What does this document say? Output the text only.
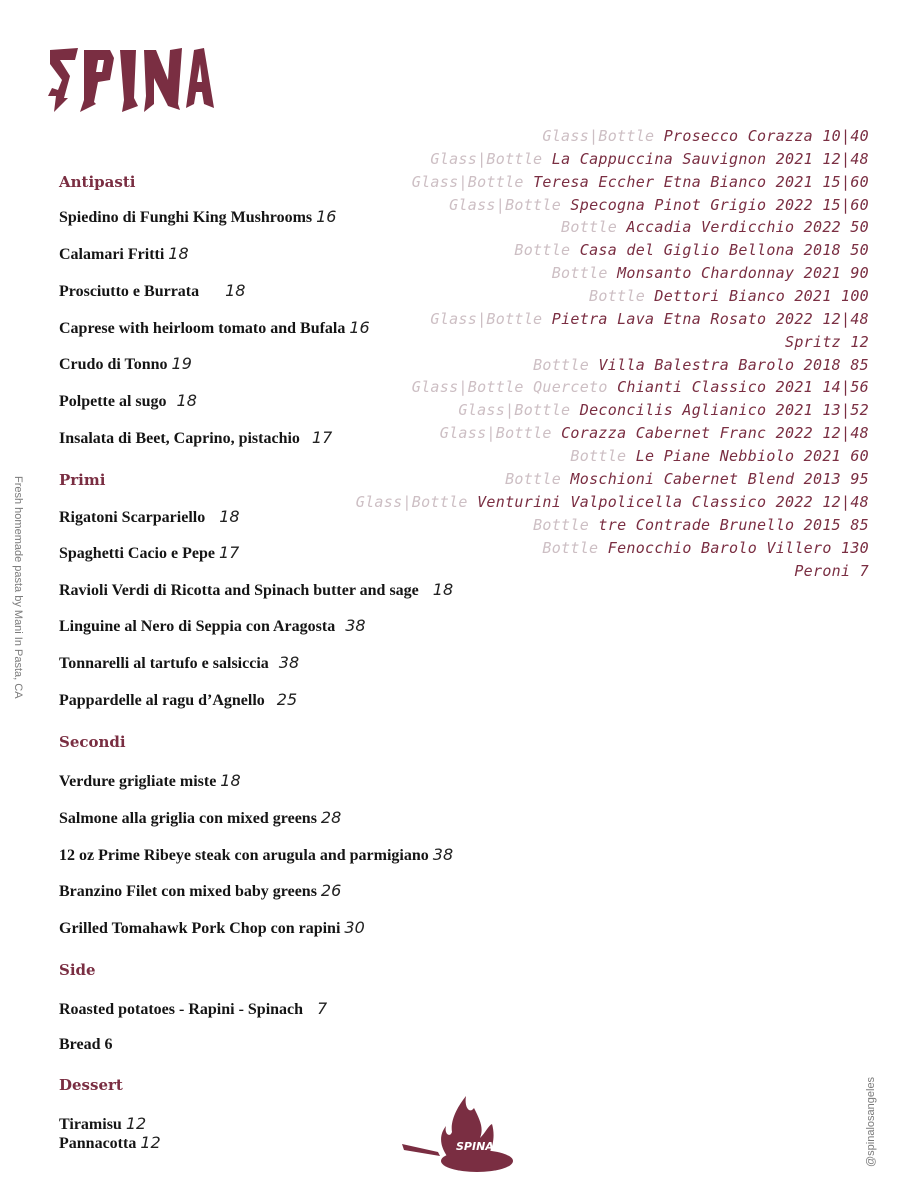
Glass|Bottle Prosecco Corazza 10|40
Glass|Bottle La Cappuccina Sauvignon 2021 12|48
Glass|Bottle Teresa Eccher Etna Bianco 2021 15|60
Glass|Bottle Specogna Pinot Grigio 2022 15|60
Bottle Accadia Verdicchio 2022 50
Bottle Casa del Giglio Bellona 2018 50
Bottle Monsanto Chardonnay 2021 90
Bottle Dettori Bianco 2021 100
Glass|Bottle Pietra Lava Etna Rosato 2022 12|48
Spritz 12
Bottle Villa Balestra Barolo 2018 85
Glass|Bottle Querceto Chianti Classico 2021 14|56
Glass|Bottle Deconcilis Aglianico 2021 13|52
Glass|Bottle Corazza Cabernet Franc 2022 12|48
Bottle Le Piane Nebbiolo 2021 60
Bottle Moschioni Cabernet Blend 2013 95
Glass|Bottle Venturini Valpolicella Classico 2022 12|48
Bottle tre Contrade Brunello 2015 85
Bottle Fenocchio Barolo Villero 130
Peroni 7
Antipasti
Spiedino di Funghi King Mushrooms 16
Calamari Fritti 18
Prosciutto e Burrata 18
Caprese with heirloom tomato and Bufala 16
Crudo di Tonno 19
Polpette al sugo 18
Insalata di Beet, Caprino, pistachio 17
Primi
Rigatoni Scarpariello 18
Spaghetti Cacio e Pepe 17
Ravioli Verdi di Ricotta and Spinach butter and sage 18
Linguine al Nero di Seppia con Aragosta 38
Tonnarelli al tartufo e salsiccia 38
Pappardelle al ragu d’Agnello 25
Secondi
Verdure grigliate miste 18
Salmone alla griglia con mixed greens 28
12 oz Prime Ribeye steak con arugula and parmigiano 38
Branzino Filet con mixed baby greens 26
Grilled Tomahawk Pork Chop con rapini 30
Side
Roasted potatoes - Rapini - Spinach 7
Bread 6
Dessert
Tiramisu 12
Pannacotta 12
Fresh homemade pasta by Mani In Pasta, CA
@spinalosangeles
SPINA
